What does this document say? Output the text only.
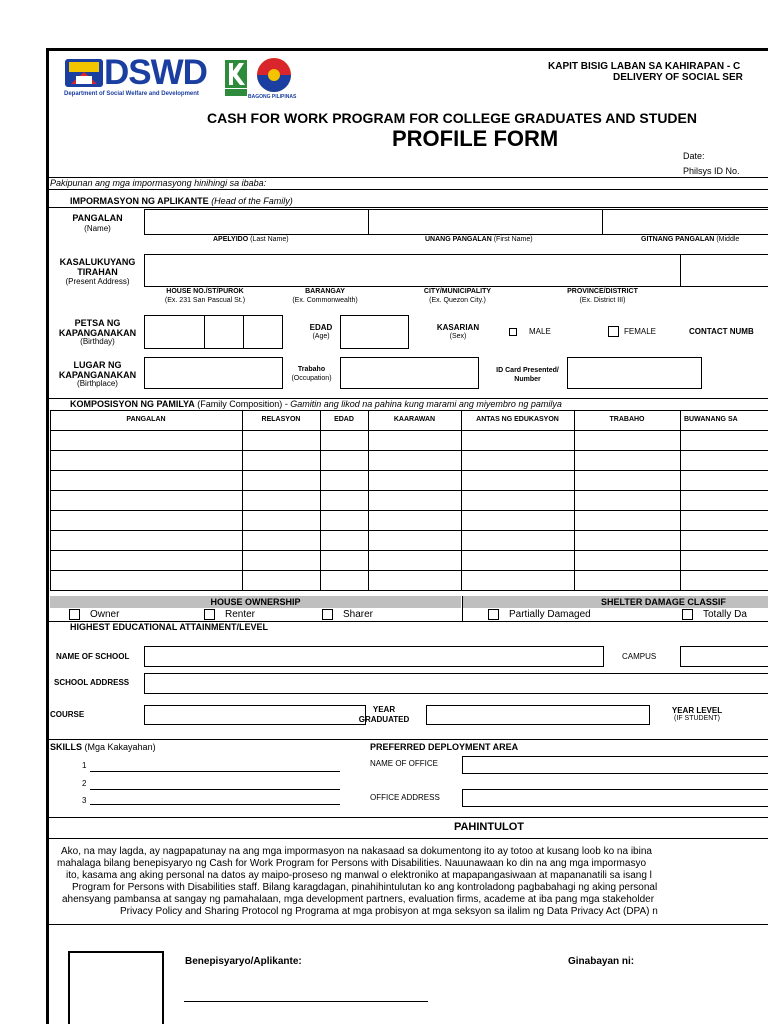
DSWD
Department of Social Welfare and Development	BAGONG PILIPINAS
KAPIT BISIG LABAN SA KAHIRAPAN - C
DELIVERY OF SOCIAL SER
CASH FOR WORK PROGRAM FOR COLLEGE GRADUATES AND STUDEN
PROFILE FORM
Date:
Philsys ID No.
Pakipunan ang mga impormasyong hinihingi sa ibaba:
IMPORMASYON NG APLIKANTE (Head of the Family)
PANGALAN
(Name)
APELYIDO (Last Name)	UNANG PANGALAN (First Name)	GITNANG PANGALAN (Middle
KASALUKUYANG
TIRAHAN
(Present Address)
HOUSE NO./ST/PUROK
(Ex. 231 San Pascual St.)
BARANGAY
(Ex. Commonwealth)
CITY/MUNICIPALITY
(Ex. Quezon City.)
PROVINCE/DISTRICT
(Ex. District III)
PETSA NG
KAPANGANAKAN
(Birthday)
EDAD
(Age)
KASARIAN
(Sex)
MALE	FEMALE	CONTACT NUMB
LUGAR NG
KAPANGANAKAN
(Birthplace)
Trabaho
(Occupation)
ID Card Presented/
Number
KOMPOSISYON NG PAMILYA (Family Composition) - Gamitin ang likod na pahina kung marami ang miyembro ng pamilya
PANGALAN	RELASYON	EDAD	KAARAWAN	ANTAS NG EDUKASYON	TRABAHO	BUWANANG SA
HOUSE OWNERSHIP	SHELTER DAMAGE CLASSIF
Owner	Renter	Sharer	Partially Damaged	Totally Da
HIGHEST EDUCATIONAL ATTAINMENT/LEVEL
NAME OF SCHOOL	CAMPUS
SCHOOL ADDRESS
COURSE
YEAR
GRADUATED
YEAR LEVEL
(IF STUDENT)
SKILLS (Mga Kakayahan)	PREFERRED DEPLOYMENT AREA
1
2
3
NAME OF OFFICE
OFFICE ADDRESS
PAHINTULOT
Ako, na may lagda, ay nagpapatunay na ang mga impormasyon na nakasaad sa dokumentong ito ay totoo at kusang loob ko na ibina
mahalaga bilang benepisyaryo ng Cash for Work Program for Persons with Disabilities. Nauunawaan ko din na ang mga impormasyo
ito, kasama ang aking personal na datos ay maipo-proseso ng manwal o elektroniko at mapapangasiwaan at mapananatili sa isang l
Program for Persons with Disabilities staff. Bilang karagdagan, pinahihintulutan ko ang kontroladong pagbabahagi ng aking personal
ahensyang pambansa at sangay ng pamahalaan, mga development partners, evaluation firms, academe at iba pang mga stakeholder
Privacy Policy and Sharing Protocol ng Programa at mga probisyon at mga seksyon sa ilalim ng Data Privacy Act (DPA) n
Benepisyaryo/Aplikante:	Ginabayan ni:
